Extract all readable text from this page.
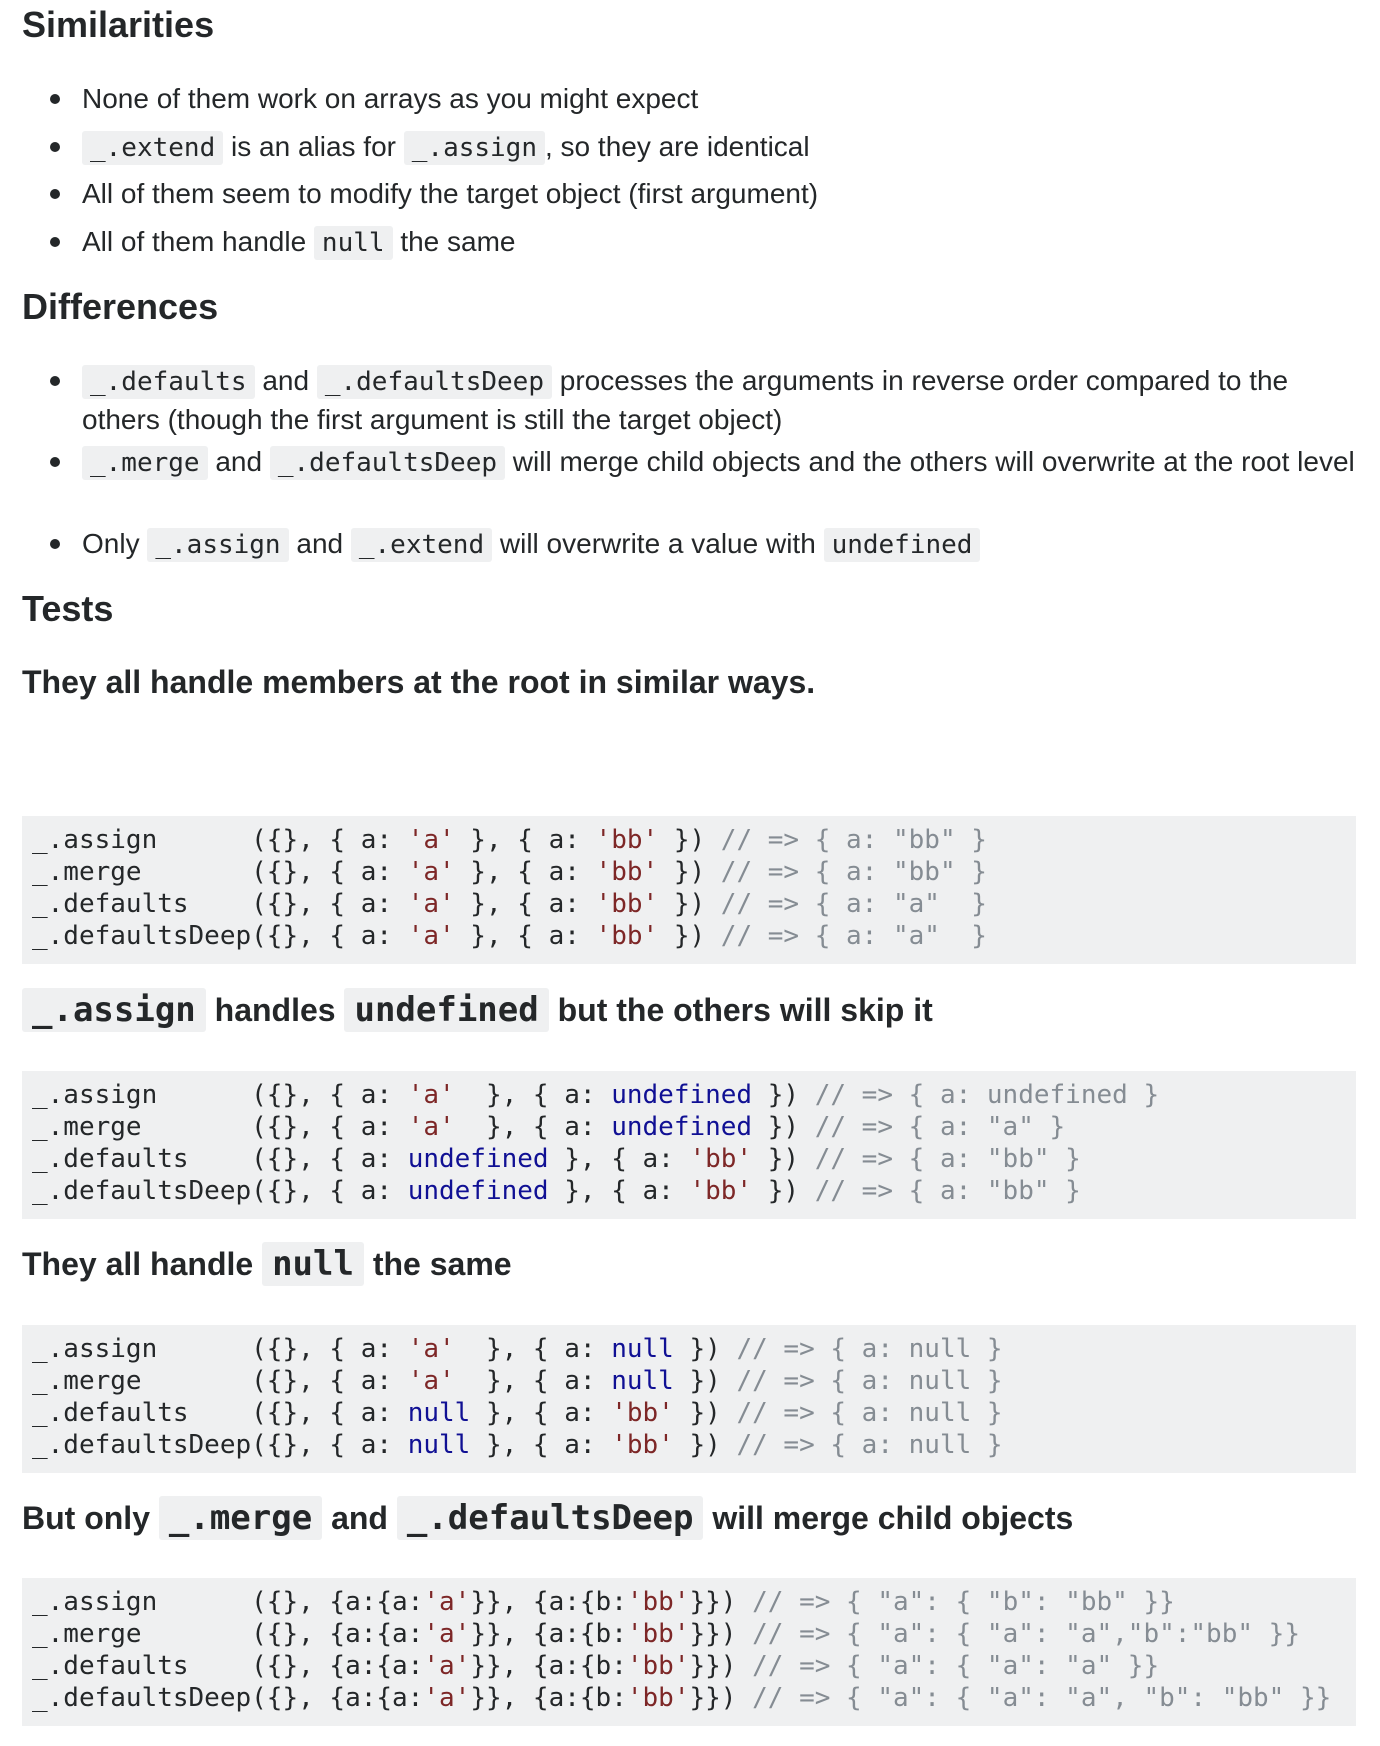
Similarities
None of them work on arrays as you might expect
_.extend is an alias for _.assign , so they are identical
All of them seem to modify the target object (first argument)
All of them handle null the same
Differences
_.defaults and _.defaultsDeep processes the arguments in reverse order compared to the others (though the first argument is still the target object)
_.merge and _.defaultsDeep will merge child objects and the others will overwrite at the root level
Only _.assign and _.extend will overwrite a value with undefined
Tests
They all handle members at the root in similar ways.
_.assign      ({}, { a: 'a' }, { a: 'bb' }) // => { a: "bb" }
_.merge       ({}, { a: 'a' }, { a: 'bb' }) // => { a: "bb" }
_.defaults    ({}, { a: 'a' }, { a: 'bb' }) // => { a: "a"  }
_.defaultsDeep({}, { a: 'a' }, { a: 'bb' }) // => { a: "a"  }
_.assign handles undefined but the others will skip it
_.assign      ({}, { a: 'a'  }, { a: undefined }) // => { a: undefined }
_.merge       ({}, { a: 'a'  }, { a: undefined }) // => { a: "a" }
_.defaults    ({}, { a: undefined }, { a: 'bb' }) // => { a: "bb" }
_.defaultsDeep({}, { a: undefined }, { a: 'bb' }) // => { a: "bb" }
They all handle null the same
_.assign      ({}, { a: 'a'  }, { a: null }) // => { a: null }
_.merge       ({}, { a: 'a'  }, { a: null }) // => { a: null }
_.defaults    ({}, { a: null }, { a: 'bb' }) // => { a: null }
_.defaultsDeep({}, { a: null }, { a: 'bb' }) // => { a: null }
But only _.merge and _.defaultsDeep will merge child objects
_.assign      ({}, {a:{a:'a'}}, {a:{b:'bb'}}) // => { "a": { "b": "bb" }}
_.merge       ({}, {a:{a:'a'}}, {a:{b:'bb'}}) // => { "a": { "a": "a","b":"bb" }}
_.defaults    ({}, {a:{a:'a'}}, {a:{b:'bb'}}) // => { "a": { "a": "a" }}
_.defaultsDeep({}, {a:{a:'a'}}, {a:{b:'bb'}}) // => { "a": { "a": "a", "b": "bb" }}
